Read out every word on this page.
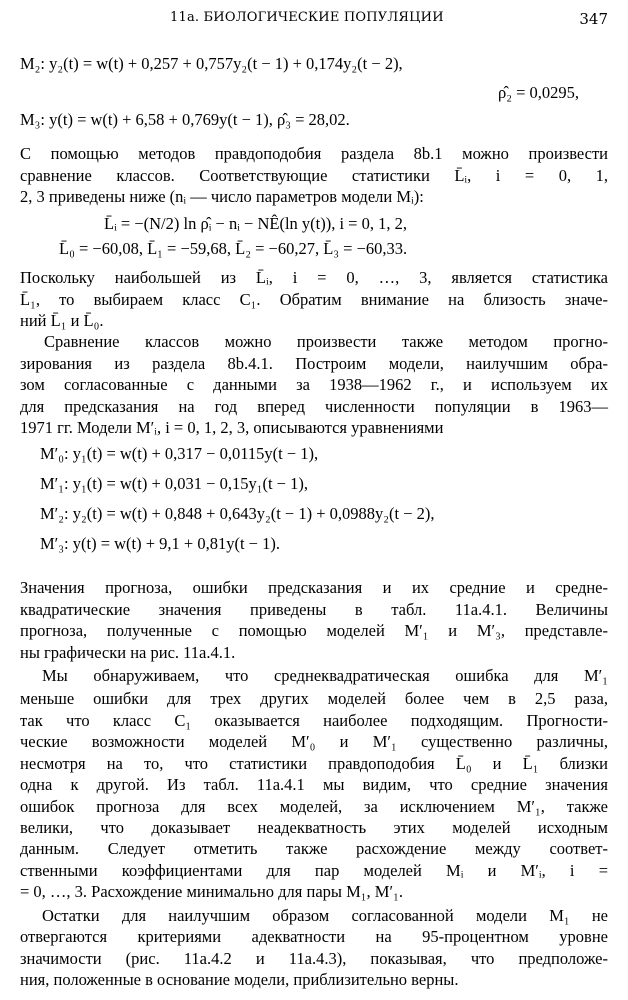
11a. БИОЛОГИЧЕСКИЕ ПОПУЛЯЦИИ	347
M₂: y₂(t) = w(t) + 0,257 + 0,757y₂(t − 1) + 0,174y₂(t − 2),
ρ̂₂ = 0,0295,
M₃: y(t) = w(t) + 6,58 + 0,769y(t − 1), ρ̂₃ = 28,02.
С помощью методов правдоподобия раздела 8b.1 можно произвести
сравнение классов. Соответствующие статистики L̄ᵢ, i = 0, 1,
2, 3 приведены ниже (nᵢ — число параметров модели Mᵢ):
L̄ᵢ = −(N/2) ln ρ̂ᵢ − nᵢ − NÊ(ln y(t)), i = 0, 1, 2,
L̄₀ = −60,08, L̄₁ = −59,68, L̄₂ = −60,27, L̄₃ = −60,33.
Поскольку наибольшей из L̄ᵢ, i = 0, …, 3, является статистика
L̄₁, то выбираем класс C₁. Обратим внимание на близость значе-
ний L̄₁ и L̄₀.
Сравнение классов можно произвести также методом прогно-
зирования из раздела 8b.4.1. Построим модели, наилучшим обра-
зом согласованные с данными за 1938—1962 г., и используем их
для предсказания на год вперед численности популяции в 1963—
1971 гг. Модели M′ᵢ, i = 0, 1, 2, 3, описываются уравнениями
M′₀: y₁(t) = w(t) + 0,317 − 0,0115y(t − 1),
M′₁: y₁(t) = w(t) + 0,031 − 0,15y₁(t − 1),
M′₂: y₂(t) = w(t) + 0,848 + 0,643y₂(t − 1) + 0,0988y₂(t − 2),
M′₃: y(t) = w(t) + 9,1 + 0,81y(t − 1).
Значения прогноза, ошибки предсказания и их средние и средне-
квадратические значения приведены в табл. 11a.4.1. Величины
прогноза, полученные с помощью моделей M′₁ и M′₃, представле-
ны графически на рис. 11a.4.1.
Мы обнаруживаем, что среднеквадратическая ошибка для M′₁
меньше ошибки для трех других моделей более чем в 2,5 раза,
так что класс C₁ оказывается наиболее подходящим. Прогности-
ческие возможности моделей M′₀ и M′₁ существенно различны,
несмотря на то, что статистики правдоподобия L̄₀ и L̄₁ близки
одна к другой. Из табл. 11a.4.1 мы видим, что средние значения
ошибок прогноза для всех моделей, за исключением M′₁, также
велики, что доказывает неадекватность этих моделей исходным
данным. Следует отметить также расхождение между соответ-
ственными коэффициентами для пар моделей Mᵢ и M′ᵢ, i =
= 0, …, 3. Расхождение минимально для пары M₁, M′₁.
Остатки для наилучшим образом согласованной модели M₁ не
отвергаются критериями адекватности на 95-процентном уровне
значимости (рис. 11a.4.2 и 11a.4.3), показывая, что предположе-
ния, положенные в основание модели, приблизительно верны.
